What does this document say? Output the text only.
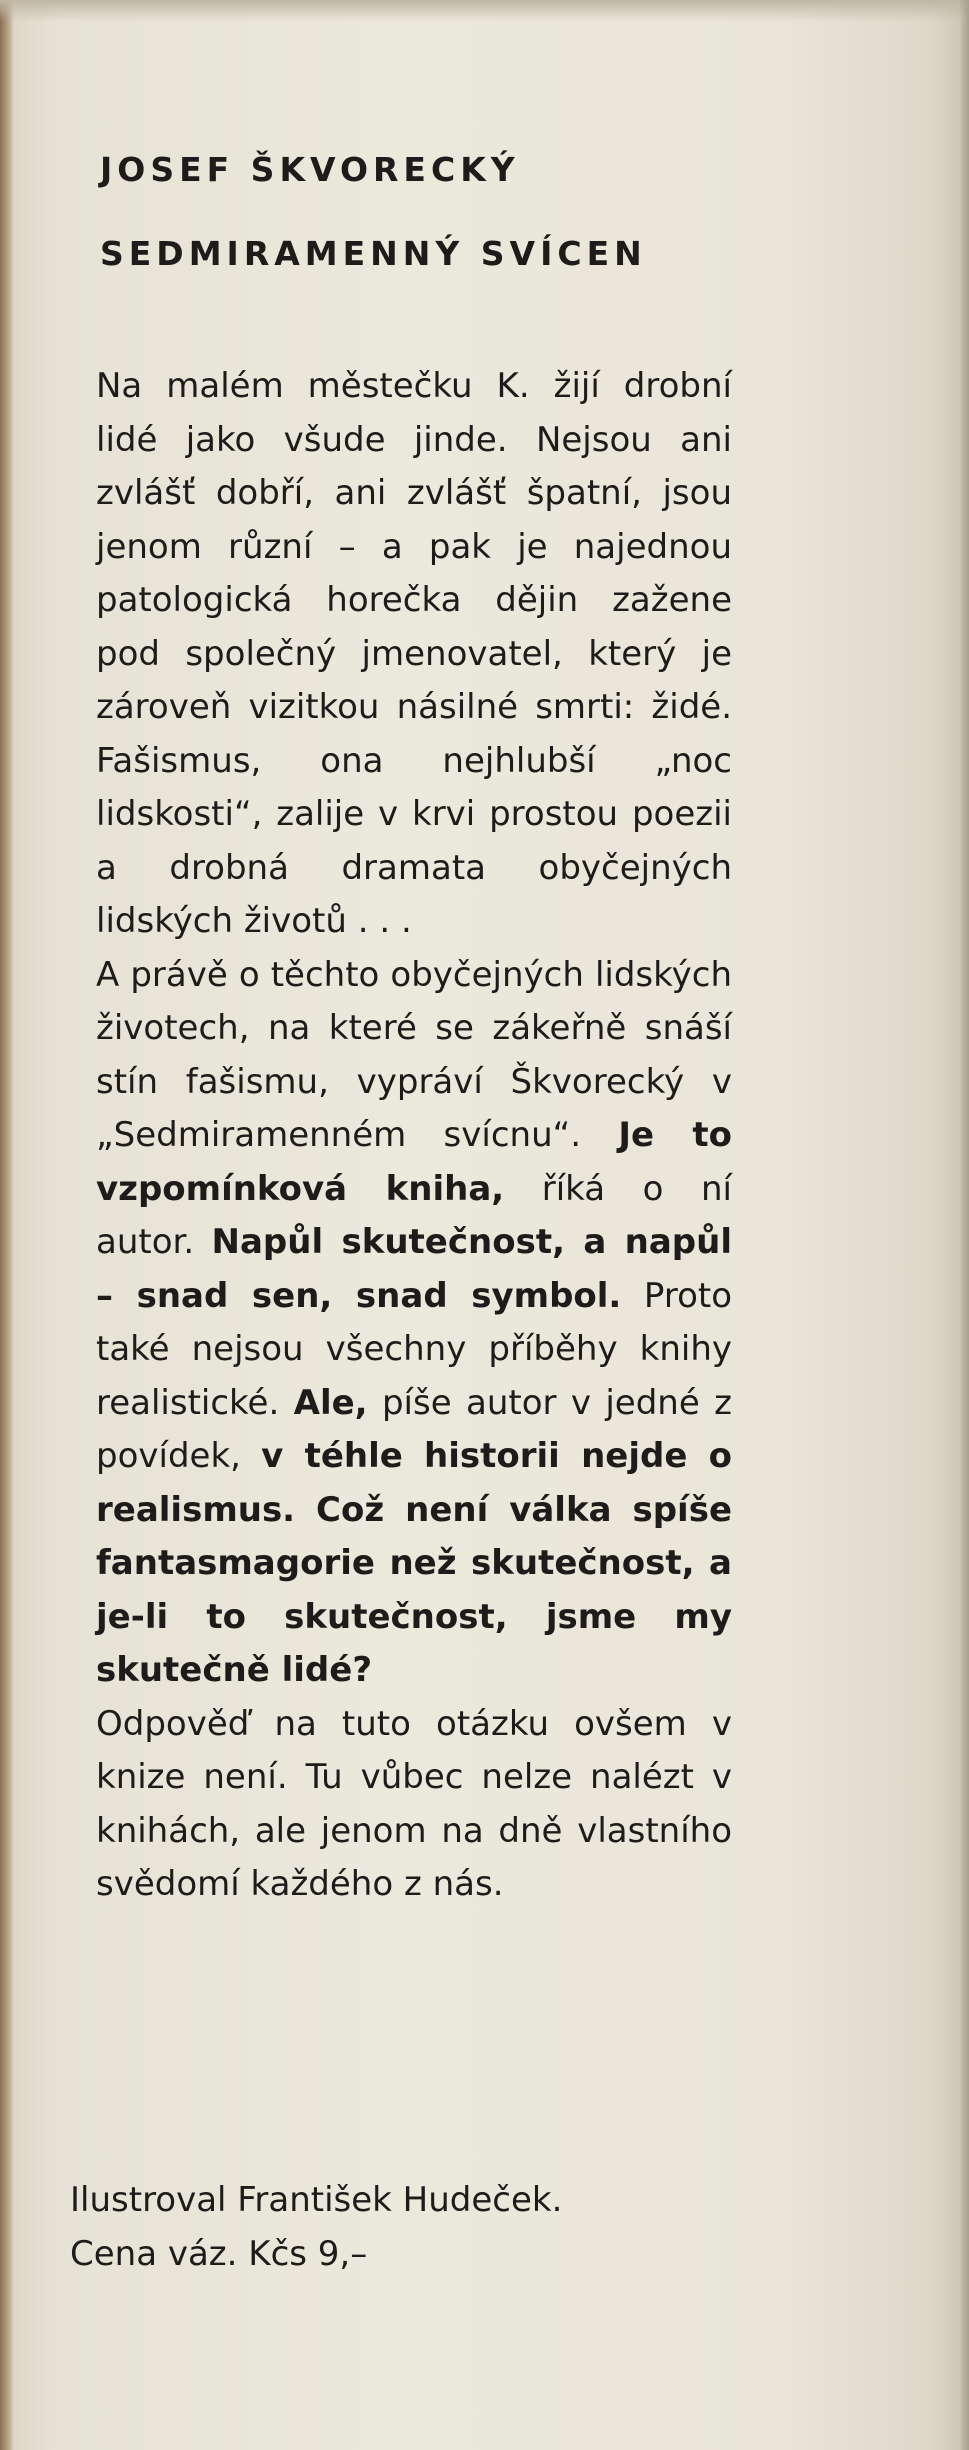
JOSEF ŠKVORECKÝ
SEDMIRAMENNÝ SVÍCEN

Na malém městečku K. žijí drobní lidé jako všude jinde. Nejsou ani zvlášť dobří, ani zvlášť špatní, jsou jenom různí – a pak je najednou patologická horečka dějin zažene pod společný jmenovatel, který je zároveň vizitkou násilné smrti: židé. Fašismus, ona nejhlubší „noc lidskosti“, zalije v krvi prostou poezii a drobná dramata obyčejných lidských životů . . .

A právě o těchto obyčejných lidských životech, na které se zákeřně snáší stín fašismu, vypráví Škvorecký v „Sedmiramenném svícnu“. Je to vzpomínková kniha, říká o ní autor. Napůl skutečnost, a napůl – snad sen, snad symbol. Proto také nejsou všechny příběhy knihy realistické. Ale, píše autor v jedné z povídek, v téhle historii nejde o realismus. Což není válka spíše fantasmagorie než skutečnost, a je-li to skutečnost, jsme my skutečně lidé?

Odpověď na tuto otázku ovšem v knize není. Tu vůbec nelze nalézt v knihách, ale jenom na dně vlastního svědomí každého z nás.

Ilustroval František Hudeček.
Cena váz. Kčs 9,–
